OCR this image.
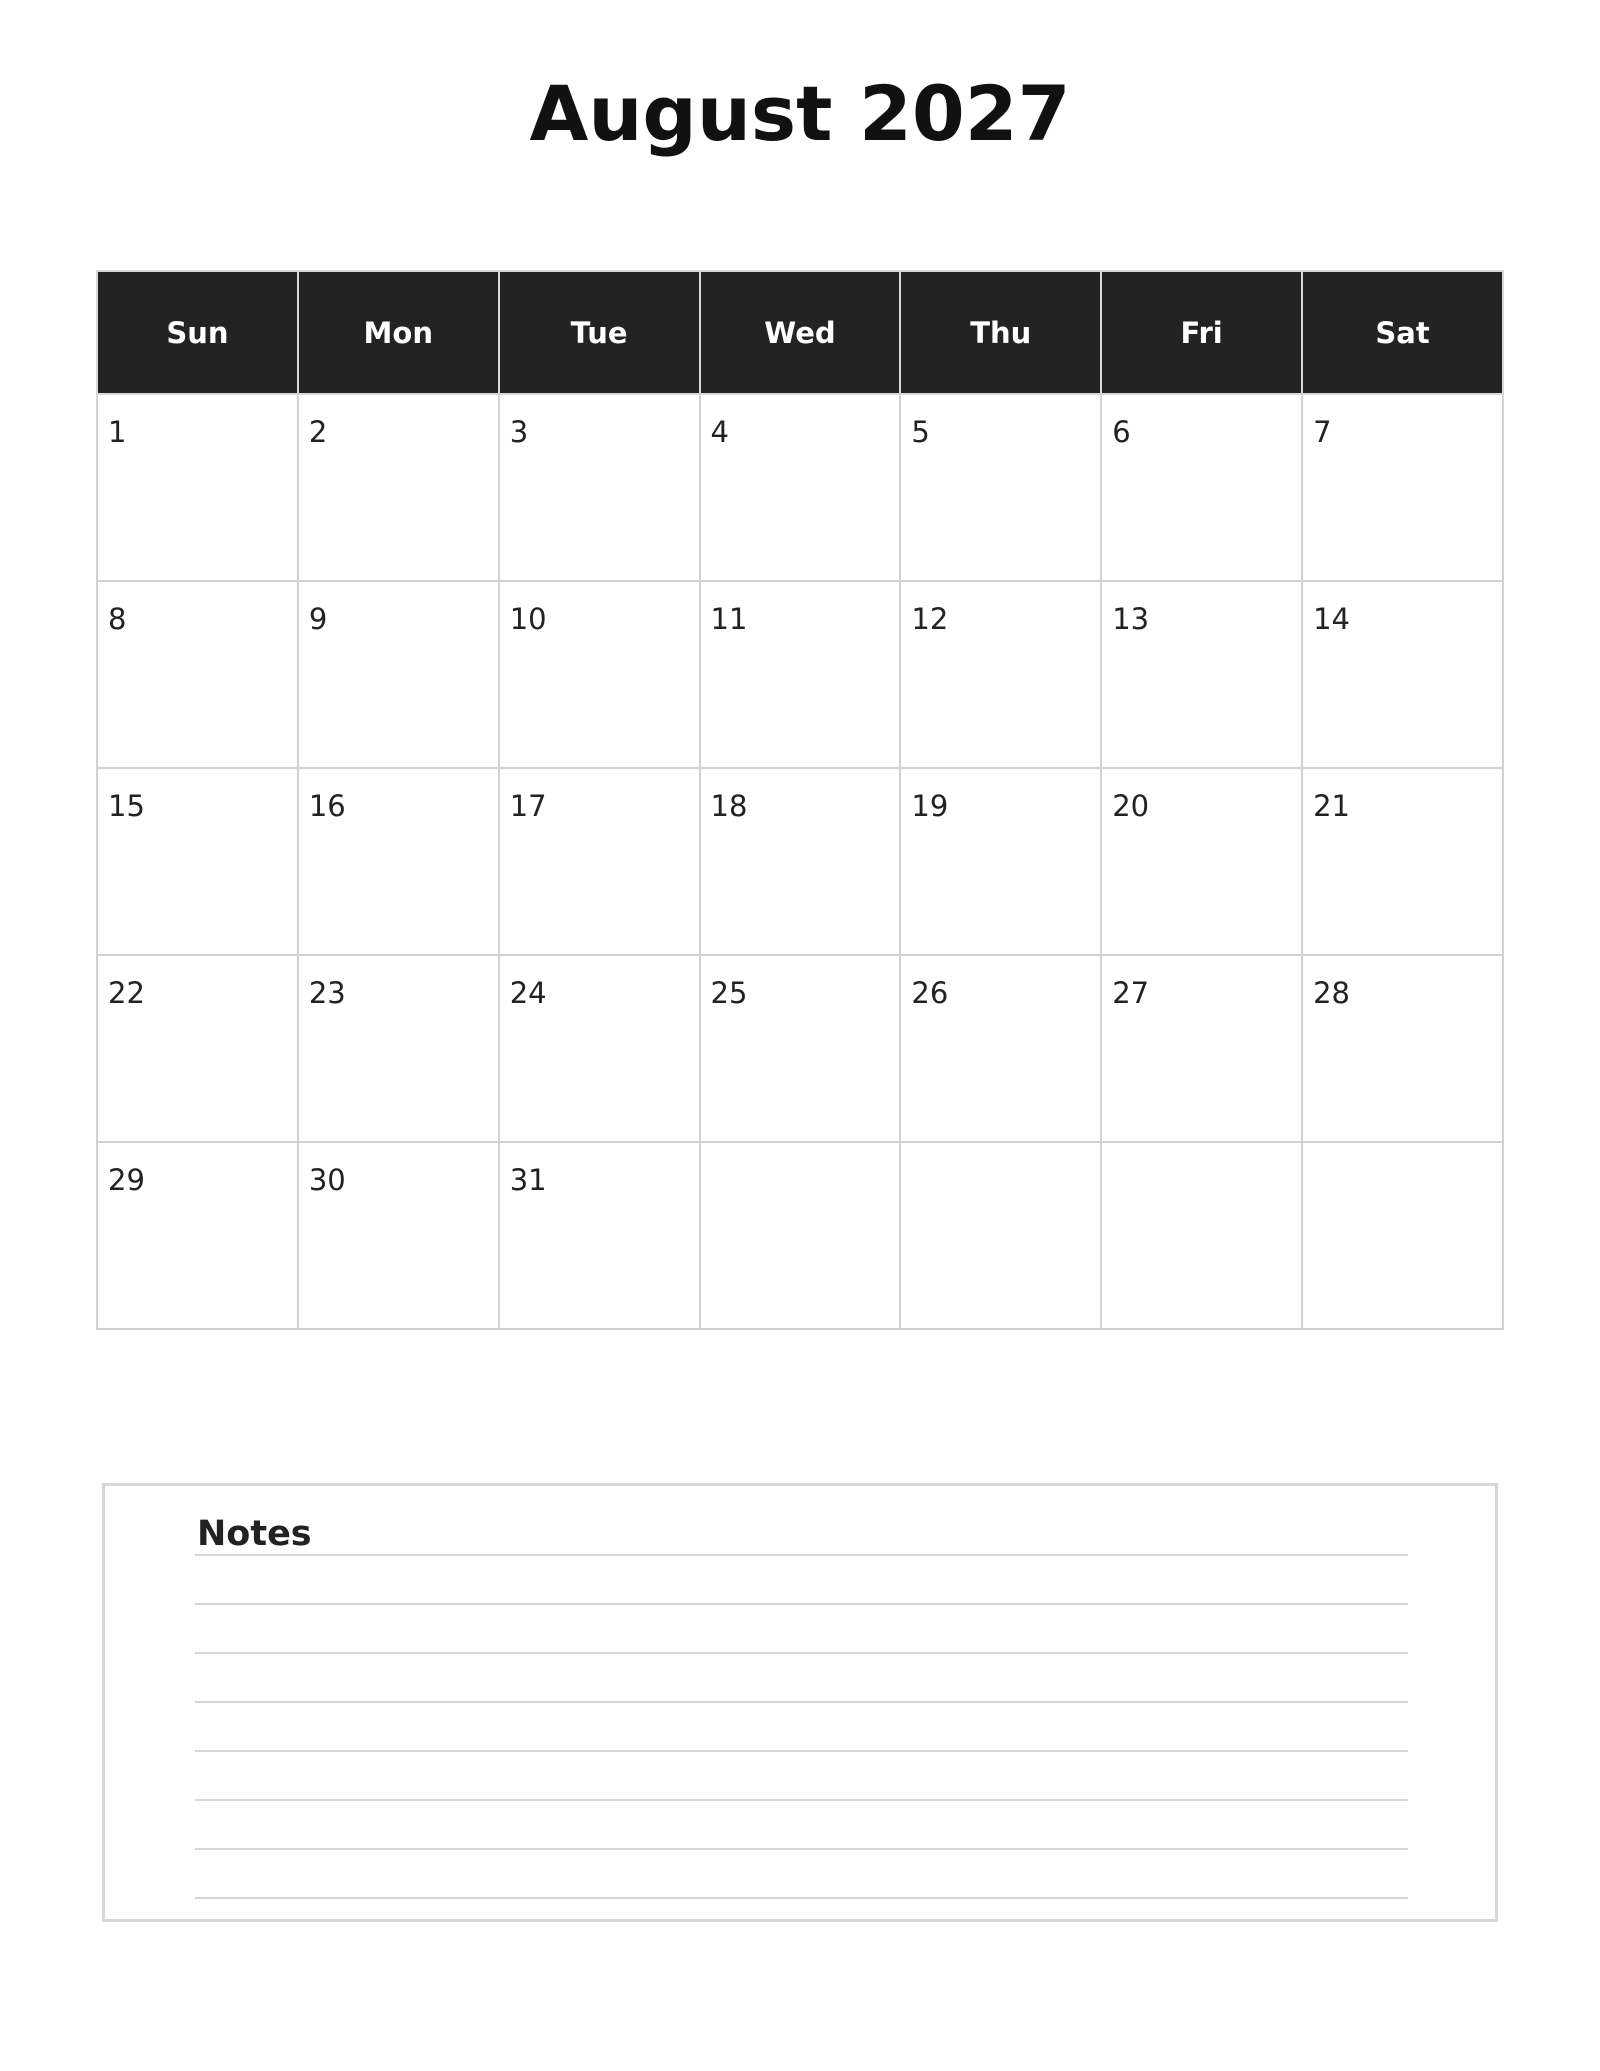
August 2027
Sun	Mon	Tue	Wed	Thu	Fri	Sat

1	2	3	4	5	6	7

8	9	10	11	12	13	14

15	16	17	18	19	20	21

22	23	24	25	26	27	28

29	30	31				

Notes
